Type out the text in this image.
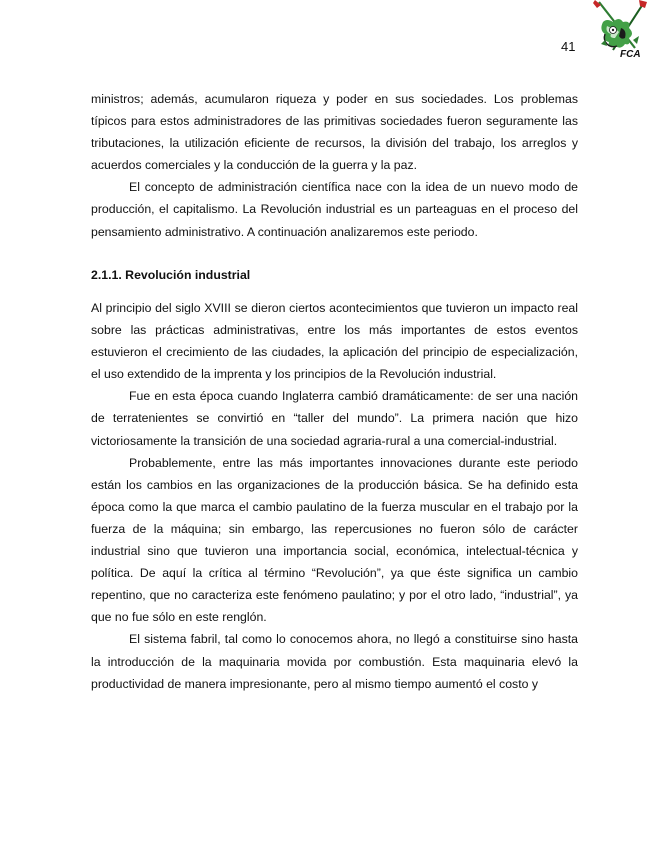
41
FCA

ministros; además, acumularon riqueza y poder en sus sociedades. Los problemas típicos para estos administradores de las primitivas sociedades fueron seguramente las tributaciones, la utilización eficiente de recursos, la división del trabajo, los arreglos y acuerdos comerciales y la conducción de la guerra y la paz.

El concepto de administración científica nace con la idea de un nuevo modo de producción, el capitalismo. La Revolución industrial es un parteaguas en el proceso del pensamiento administrativo. A continuación analizaremos este periodo.

2.1.1. Revolución industrial

Al principio del siglo XVIII se dieron ciertos acontecimientos que tuvieron un impacto real sobre las prácticas administrativas, entre los más importantes de estos eventos estuvieron el crecimiento de las ciudades, la aplicación del principio de especialización, el uso extendido de la imprenta y los principios de la Revolución industrial.

Fue en esta época cuando Inglaterra cambió dramáticamente: de ser una nación de terratenientes se convirtió en “taller del mundo”. La primera nación que hizo victoriosamente la transición de una sociedad agraria-rural a una comercial-industrial.

Probablemente, entre las más importantes innovaciones durante este periodo están los cambios en las organizaciones de la producción básica. Se ha definido esta época como la que marca el cambio paulatino de la fuerza muscular en el trabajo por la fuerza de la máquina; sin embargo, las repercusiones no fueron sólo de carácter industrial sino que tuvieron una importancia social, económica, intelectual-técnica y política. De aquí la crítica al término “Revolución”, ya que éste significa un cambio repentino, que no caracteriza este fenómeno paulatino; y por el otro lado, “industrial”, ya que no fue sólo en este renglón.

El sistema fabril, tal como lo conocemos ahora, no llegó a constituirse sino hasta la introducción de la maquinaria movida por combustión. Esta maquinaria elevó la productividad de manera impresionante, pero al mismo tiempo aumentó el costo y
